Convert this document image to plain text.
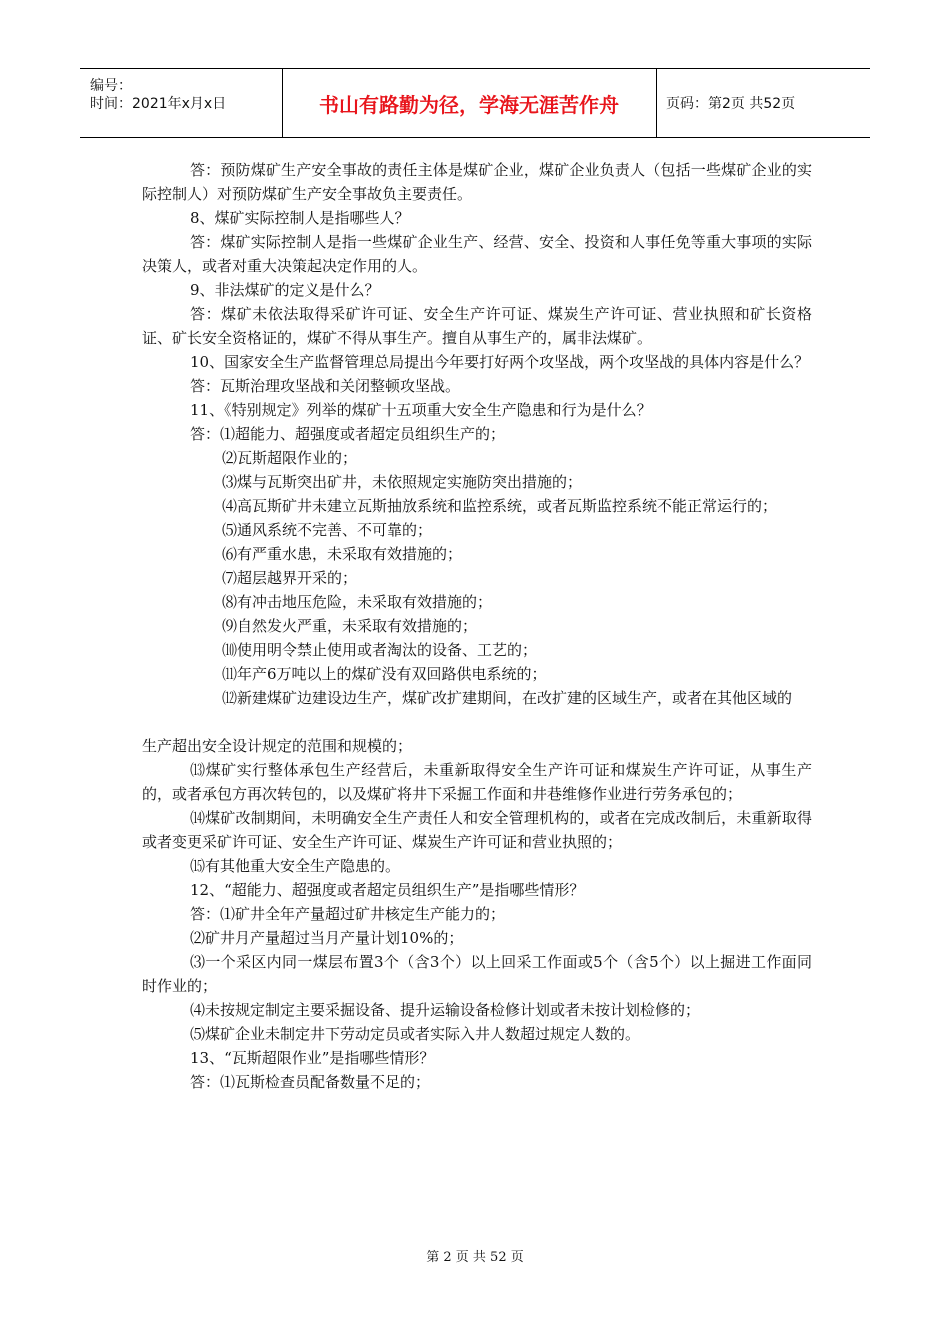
编号：
时间：2021年x月x日	书山有路勤为径，学海无涯苦作舟	页码：第2页 共52页

答：预防煤矿生产安全事故的责任主体是煤矿企业，煤矿企业负责人（包括一些煤矿企业的实际控制人）对预防煤矿生产安全事故负主要责任。

8、煤矿实际控制人是指哪些人？

答：煤矿实际控制人是指一些煤矿企业生产、经营、安全、投资和人事任免等重大事项的实际决策人，或者对重大决策起决定作用的人。

9、非法煤矿的定义是什么？

答：煤矿未依法取得采矿许可证、安全生产许可证、煤炭生产许可证、营业执照和矿长资格证、矿长安全资格证的，煤矿不得从事生产。擅自从事生产的，属非法煤矿。

10、国家安全生产监督管理总局提出今年要打好两个攻坚战，两个攻坚战的具体内容是什么？

答：瓦斯治理攻坚战和关闭整顿攻坚战。

11、《特别规定》列举的煤矿十五项重大安全生产隐患和行为是什么？

答：⑴超能力、超强度或者超定员组织生产的；

⑵瓦斯超限作业的；

⑶煤与瓦斯突出矿井，未依照规定实施防突出措施的；

⑷高瓦斯矿井未建立瓦斯抽放系统和监控系统，或者瓦斯监控系统不能正常运行的；

⑸通风系统不完善、不可靠的；

⑹有严重水患，未采取有效措施的；

⑺超层越界开采的；

⑻有冲击地压危险，未采取有效措施的；

⑼自然发火严重，未采取有效措施的；

⑽使用明令禁止使用或者淘汰的设备、工艺的；

⑾年产6万吨以上的煤矿没有双回路供电系统的；

⑿新建煤矿边建设边生产，煤矿改扩建期间，在改扩建的区域生产，或者在其他区域的

生产超出安全设计规定的范围和规模的；

⒀煤矿实行整体承包生产经营后，未重新取得安全生产许可证和煤炭生产许可证，从事生产的，或者承包方再次转包的，以及煤矿将井下采掘工作面和井巷维修作业进行劳务承包的；

⒁煤矿改制期间，未明确安全生产责任人和安全管理机构的，或者在完成改制后，未重新取得或者变更采矿许可证、安全生产许可证、煤炭生产许可证和营业执照的；

⒂有其他重大安全生产隐患的。

12、“超能力、超强度或者超定员组织生产”是指哪些情形？

答：⑴矿井全年产量超过矿井核定生产能力的；

⑵矿井月产量超过当月产量计划10%的；

⑶一个采区内同一煤层布置3个（含3个）以上回采工作面或5个（含5个）以上掘进工作面同时作业的；

⑷未按规定制定主要采掘设备、提升运输设备检修计划或者未按计划检修的；

⑸煤矿企业未制定井下劳动定员或者实际入井人数超过规定人数的。

13、“瓦斯超限作业”是指哪些情形？

答：⑴瓦斯检查员配备数量不足的；

第 2 页 共 52 页
